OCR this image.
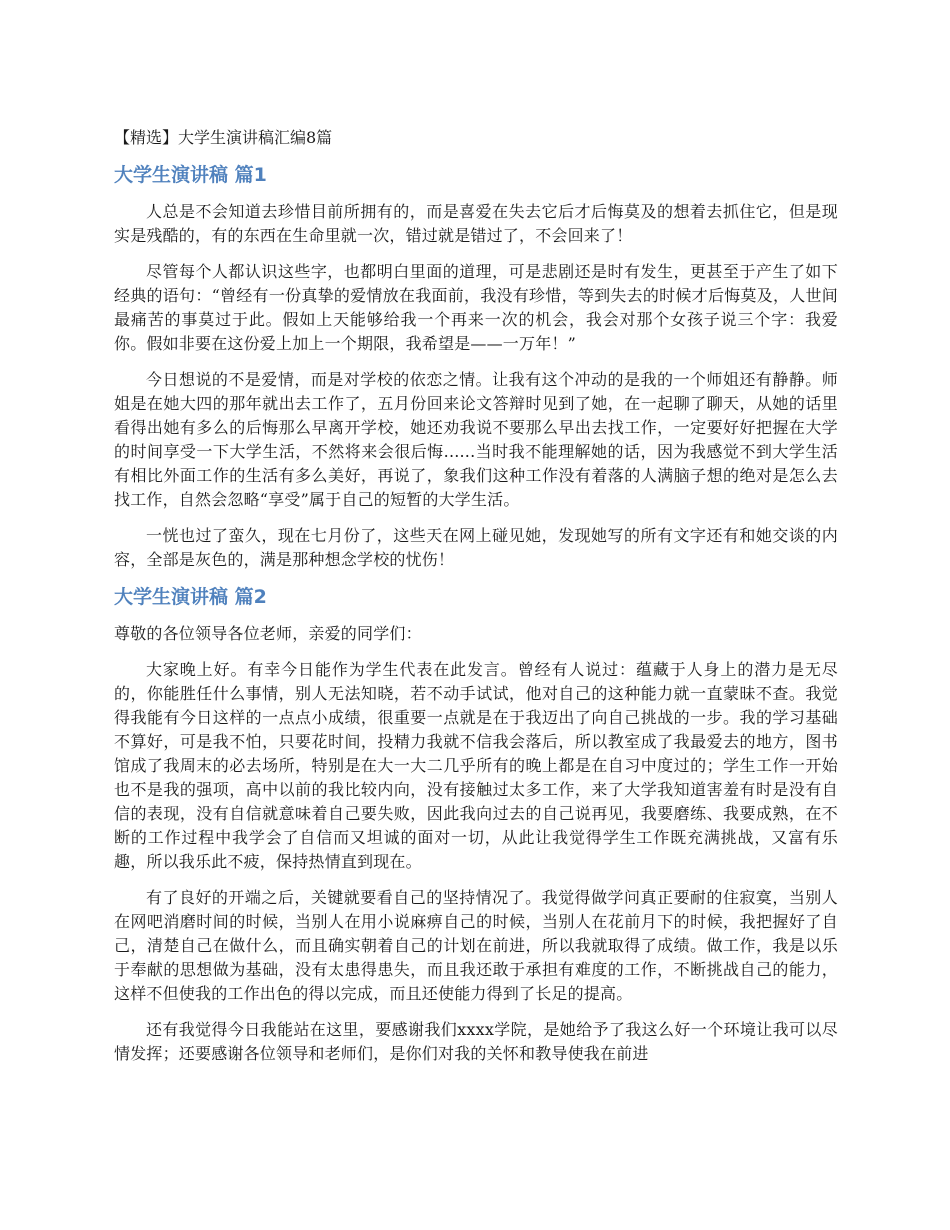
【精选】大学生演讲稿汇编8篇
大学生演讲稿 篇1

人总是不会知道去珍惜目前所拥有的，而是喜爱在失去它后才后悔莫及的想着去抓住它，但是现实是残酷的，有的东西在生命里就一次，错过就是错过了，不会回来了！

尽管每个人都认识这些字，也都明白里面的道理，可是悲剧还是时有发生，更甚至于产生了如下经典的语句：“曾经有一份真挚的爱情放在我面前，我没有珍惜，等到失去的时候才后悔莫及，人世间最痛苦的事莫过于此。假如上天能够给我一个再来一次的机会，我会对那个女孩子说三个字：我爱你。假如非要在这份爱上加上一个期限，我希望是——一万年！”

今日想说的不是爱情，而是对学校的依恋之情。让我有这个冲动的是我的一个师姐还有静静。师姐是在她大四的那年就出去工作了，五月份回来论文答辩时见到了她，在一起聊了聊天，从她的话里看得出她有多么的后悔那么早离开学校，她还劝我说不要那么早出去找工作，一定要好好把握在大学的时间享受一下大学生活，不然将来会很后悔......当时我不能理解她的话，因为我感觉不到大学生活有相比外面工作的生活有多么美好，再说了，象我们这种工作没有着落的人满脑子想的绝对是怎么去找工作，自然会忽略“享受”属于自己的短暂的大学生活。

一恍也过了蛮久，现在七月份了，这些天在网上碰见她，发现她写的所有文字还有和她交谈的内容，全部是灰色的，满是那种想念学校的忧伤！

大学生演讲稿 篇2

尊敬的各位领导各位老师，亲爱的同学们：

大家晚上好。有幸今日能作为学生代表在此发言。曾经有人说过：蕴藏于人身上的潜力是无尽的，你能胜任什么事情，别人无法知晓，若不动手试试，他对自己的这种能力就一直蒙昧不查。我觉得我能有今日这样的一点点小成绩，很重要一点就是在于我迈出了向自己挑战的一步。我的学习基础不算好，可是我不怕，只要花时间，投精力我就不信我会落后，所以教室成了我最爱去的地方，图书馆成了我周末的必去场所，特别是在大一大二几乎所有的晚上都是在自习中度过的；学生工作一开始也不是我的强项，高中以前的我比较内向，没有接触过太多工作，来了大学我知道害羞有时是没有自信的表现，没有自信就意味着自己要失败，因此我向过去的自己说再见，我要磨练、我要成熟，在不断的工作过程中我学会了自信而又坦诚的面对一切，从此让我觉得学生工作既充满挑战，又富有乐趣，所以我乐此不疲，保持热情直到现在。

有了良好的开端之后，关键就要看自己的坚持情况了。我觉得做学问真正要耐的住寂寞，当别人在网吧消磨时间的时候，当别人在用小说麻痹自己的时候，当别人在花前月下的时候，我把握好了自己，清楚自己在做什么，而且确实朝着自己的计划在前进，所以我就取得了成绩。做工作，我是以乐于奉献的思想做为基础，没有太患得患失，而且我还敢于承担有难度的工作，不断挑战自己的能力，这样不但使我的工作出色的得以完成，而且还使能力得到了长足的提高。

还有我觉得今日我能站在这里，要感谢我们xxxx学院，是她给予了我这么好一个环境让我可以尽情发挥；还要感谢各位领导和老师们，是你们对我的关怀和教导使我在前进
